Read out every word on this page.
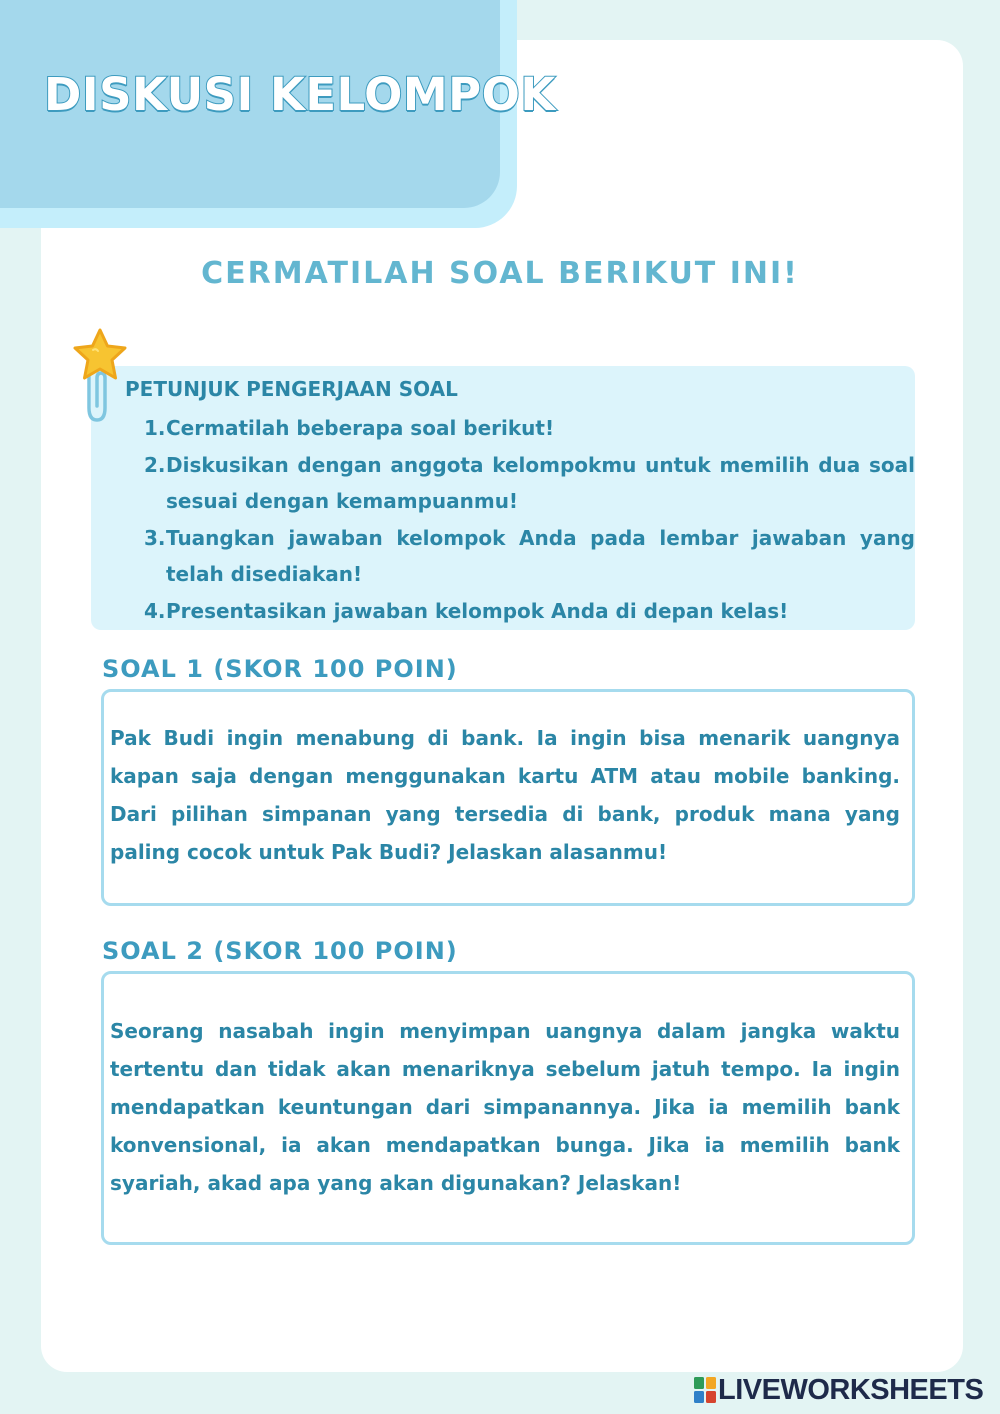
DISKUSI KELOMPOK
CERMATILAH SOAL BERIKUT INI!

PETUNJUK PENGERJAAN SOAL

1. Cermatilah beberapa soal berikut!
2. Diskusikan dengan anggota kelompokmu untuk memilih dua soal sesuai dengan kemampuanmu!
3. Tuangkan jawaban kelompok Anda pada lembar jawaban yang telah disediakan!
4. Presentasikan jawaban kelompok Anda di depan kelas!
SOAL 1 (SKOR 100 POIN)

Pak Budi ingin menabung di bank. Ia ingin bisa menarik uangnya kapan saja dengan menggunakan kartu ATM atau mobile banking. Dari pilihan simpanan yang tersedia di bank, produk mana yang paling cocok untuk Pak Budi? Jelaskan alasanmu!

SOAL 2 (SKOR 100 POIN)

Seorang nasabah ingin menyimpan uangnya dalam jangka waktu tertentu dan tidak akan menariknya sebelum jatuh tempo. Ia ingin mendapatkan keuntungan dari simpanannya. Jika ia memilih bank konvensional, ia akan mendapatkan bunga. Jika ia memilih bank syariah, akad apa yang akan digunakan? Jelaskan!

LIVEWORKSHEETS
